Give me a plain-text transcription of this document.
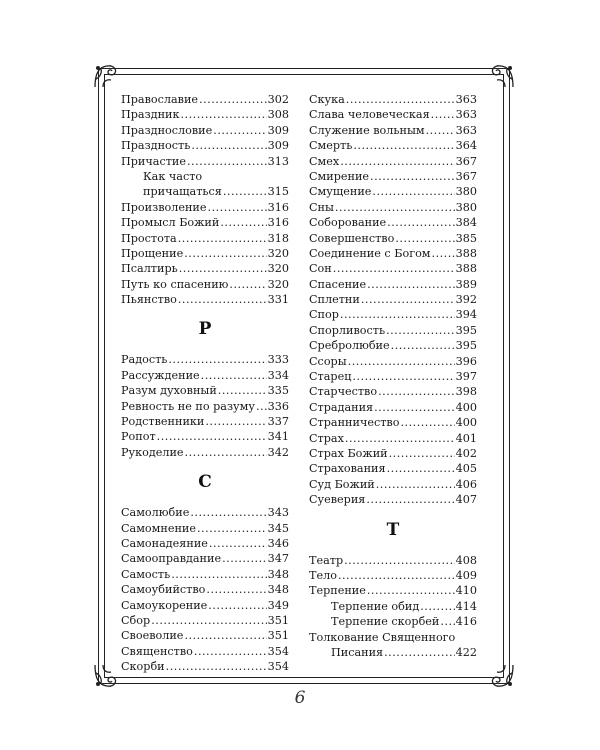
Православие .....	302
Праздник .....	308
Празднословие .....	309
Праздность .....	309
Причастие .....	313
Как часто
причащаться .....	315
Произволение .....	316
Промысл Божий .....	316
Простота .....	318
Прощение .....	320
Псалтирь .....	320
Путь ко спасению .....	320
Пьянство .....	331
Р
Радость .....	333
Рассуждение .....	334
Разум духовный .....	335
Ревность не по разуму ..... 336
Родственники .....	337
Ропот .....	341
Рукоделие .....	342
С
Самолюбие .....	343
Самомнение .....	345
Самонадеяние .....	346
Самооправдание .....	347
Самость .....	348
Самоубийство .....	348
Самоукорение .....	349
Сбор .....	351
Своеволие .....	351
Священство .....	354
Скорби .....	354
Скука .....	363
Слава человеческая ..... 363
Служение вольным .....	363
Смерть .....	364
Смех .....	367
Смирение .....	367
Смущение .....	380
Сны .....	380
Соборование .....	384
Совершенство .....	385
Соединение с Богом ..... 388
Сон .....	388
Спасение .....	389
Сплетни .....	392
Спор .....	394
Спорливость .....	395
Сребролюбие .....	395
Ссоры .....	396
Старец .....	397
Старчество .....	398
Страдания .....	400
Странничество .....	400
Страх .....	401
Страх Божий .....	402
Страхования .....	405
Суд Божий .....	406
Суеверия .....	407
Т
Театр .....	408
Тело .....	409
Терпение .....	410
Терпение обид .....	414
Терпение скорбей ..... 416
Толкование Священного
Писания .....	422
6
